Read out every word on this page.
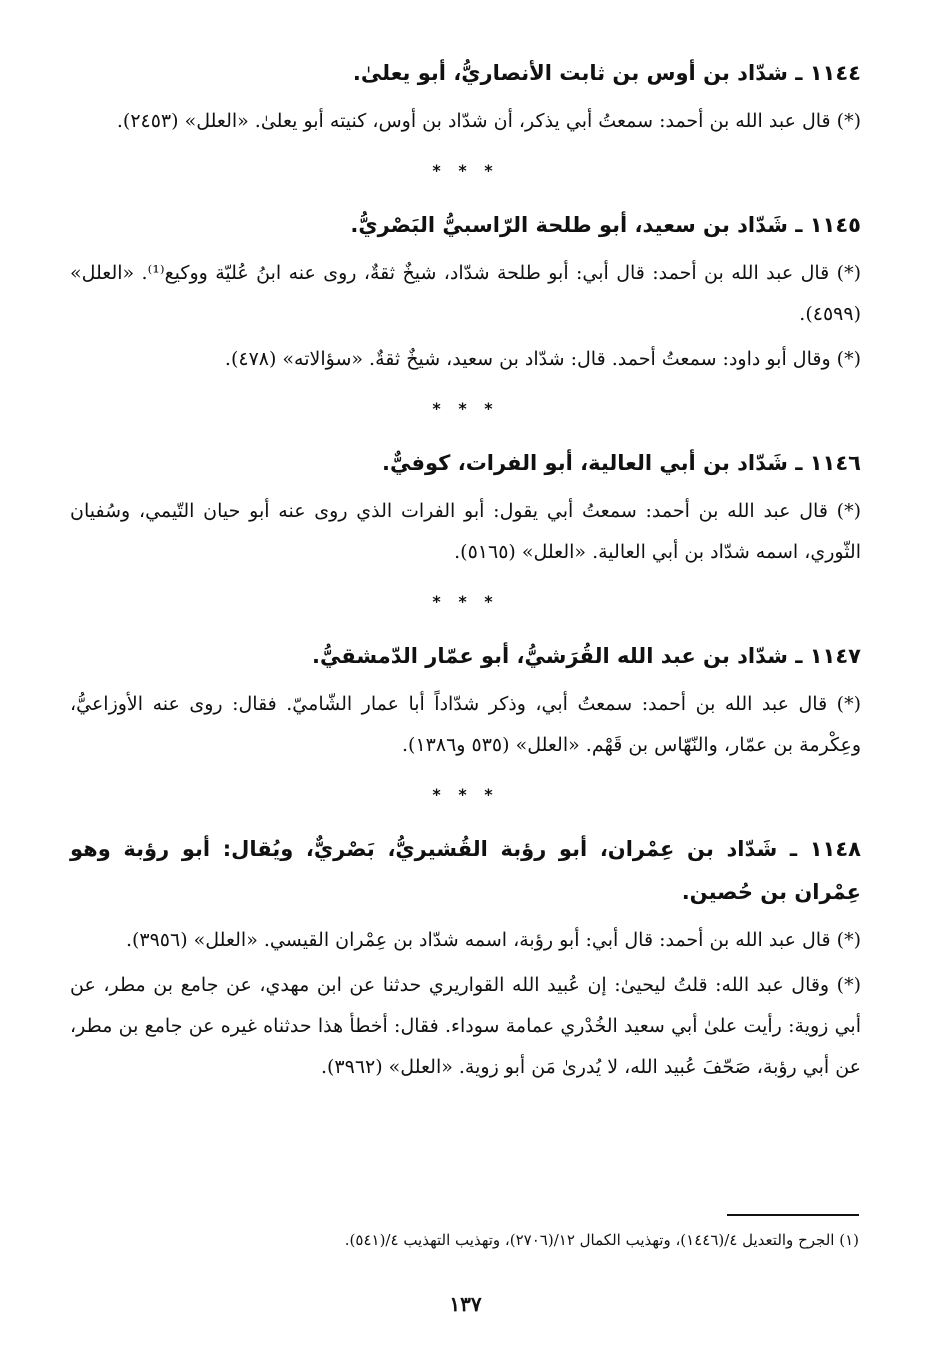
١١٤٤ ـ شدّاد بن أوس بن ثابت الأنصاريُّ، أبو يعلىٰ.

(*) قال عبد الله بن أحمد: سمعتُ أبي يذكر، أن شدّاد بن أوس، كنيته أبو يعلىٰ. «العلل» (٢٤٥٣).

* * *

١١٤٥ ـ شَدّاد بن سعيد، أبو طلحة الرّاسبيُّ البَصْريُّ.

(*) قال عبد الله بن أحمد: قال أبي: أبو طلحة شدّاد، شيخٌ ثقةٌ، روى عنه ابنُ عُليّة ووكيع⁽¹⁾. «العلل» (٤٥٩٩).

(*) وقال أبو داود: سمعتُ أحمد. قال: شدّاد بن سعيد، شيخٌ ثقةٌ. «سؤالاته» (٤٧٨).

* * *

١١٤٦ ـ شَدّاد بن أبي العالية، أبو الفرات، كوفيٌّ.

(*) قال عبد الله بن أحمد: سمعتُ أبي يقول: أبو الفرات الذي روى عنه أبو حيان التّيمي، وسُفيان الثّوري، اسمه شدّاد بن أبي العالية. «العلل» (٥١٦٥).

* * *

١١٤٧ ـ شدّاد بن عبد الله القُرَشيُّ، أبو عمّار الدّمشقيُّ.

(*) قال عبد الله بن أحمد: سمعتُ أبي، وذكر شدّاداً أبا عمار الشّاميّ. فقال: روى عنه الأوزاعيُّ، وعِكْرمة بن عمّار، والنّهّاس بن قَهْم. «العلل» (٥٣٥ و١٣٨٦).

* * *

١١٤٨ ـ شَدّاد بن عِمْران، أبو رؤبة القُشيريُّ، بَصْريٌّ، ويُقال: أبو رؤبة وهو عِمْران بن حُصين.

(*) قال عبد الله بن أحمد: قال أبي: أبو رؤبة، اسمه شدّاد بن عِمْران القيسي. «العلل» (٣٩٥٦).

(*) وقال عبد الله: قلتُ ليحيىٰ: إن عُبيد الله القواريري حدثنا عن ابن مهدي، عن جامع بن مطر، عن أبي زوية: رأيت علىٰ أبي سعيد الخُدْري عمامة سوداء. فقال: أخطأ هذا حدثناه غيره عن جامع بن مطر، عن أبي رؤبة، صَحّفَ عُبيد الله، لا يُدرىٰ مَن أبو زوية. «العلل» (٣٩٦٢).

(١) الجرح والتعديل ٤/(١٤٤٦)، وتهذيب الكمال ١٢/(٢٧٠٦)، وتهذيب التهذيب ٤/(٥٤١).
١٣٧
